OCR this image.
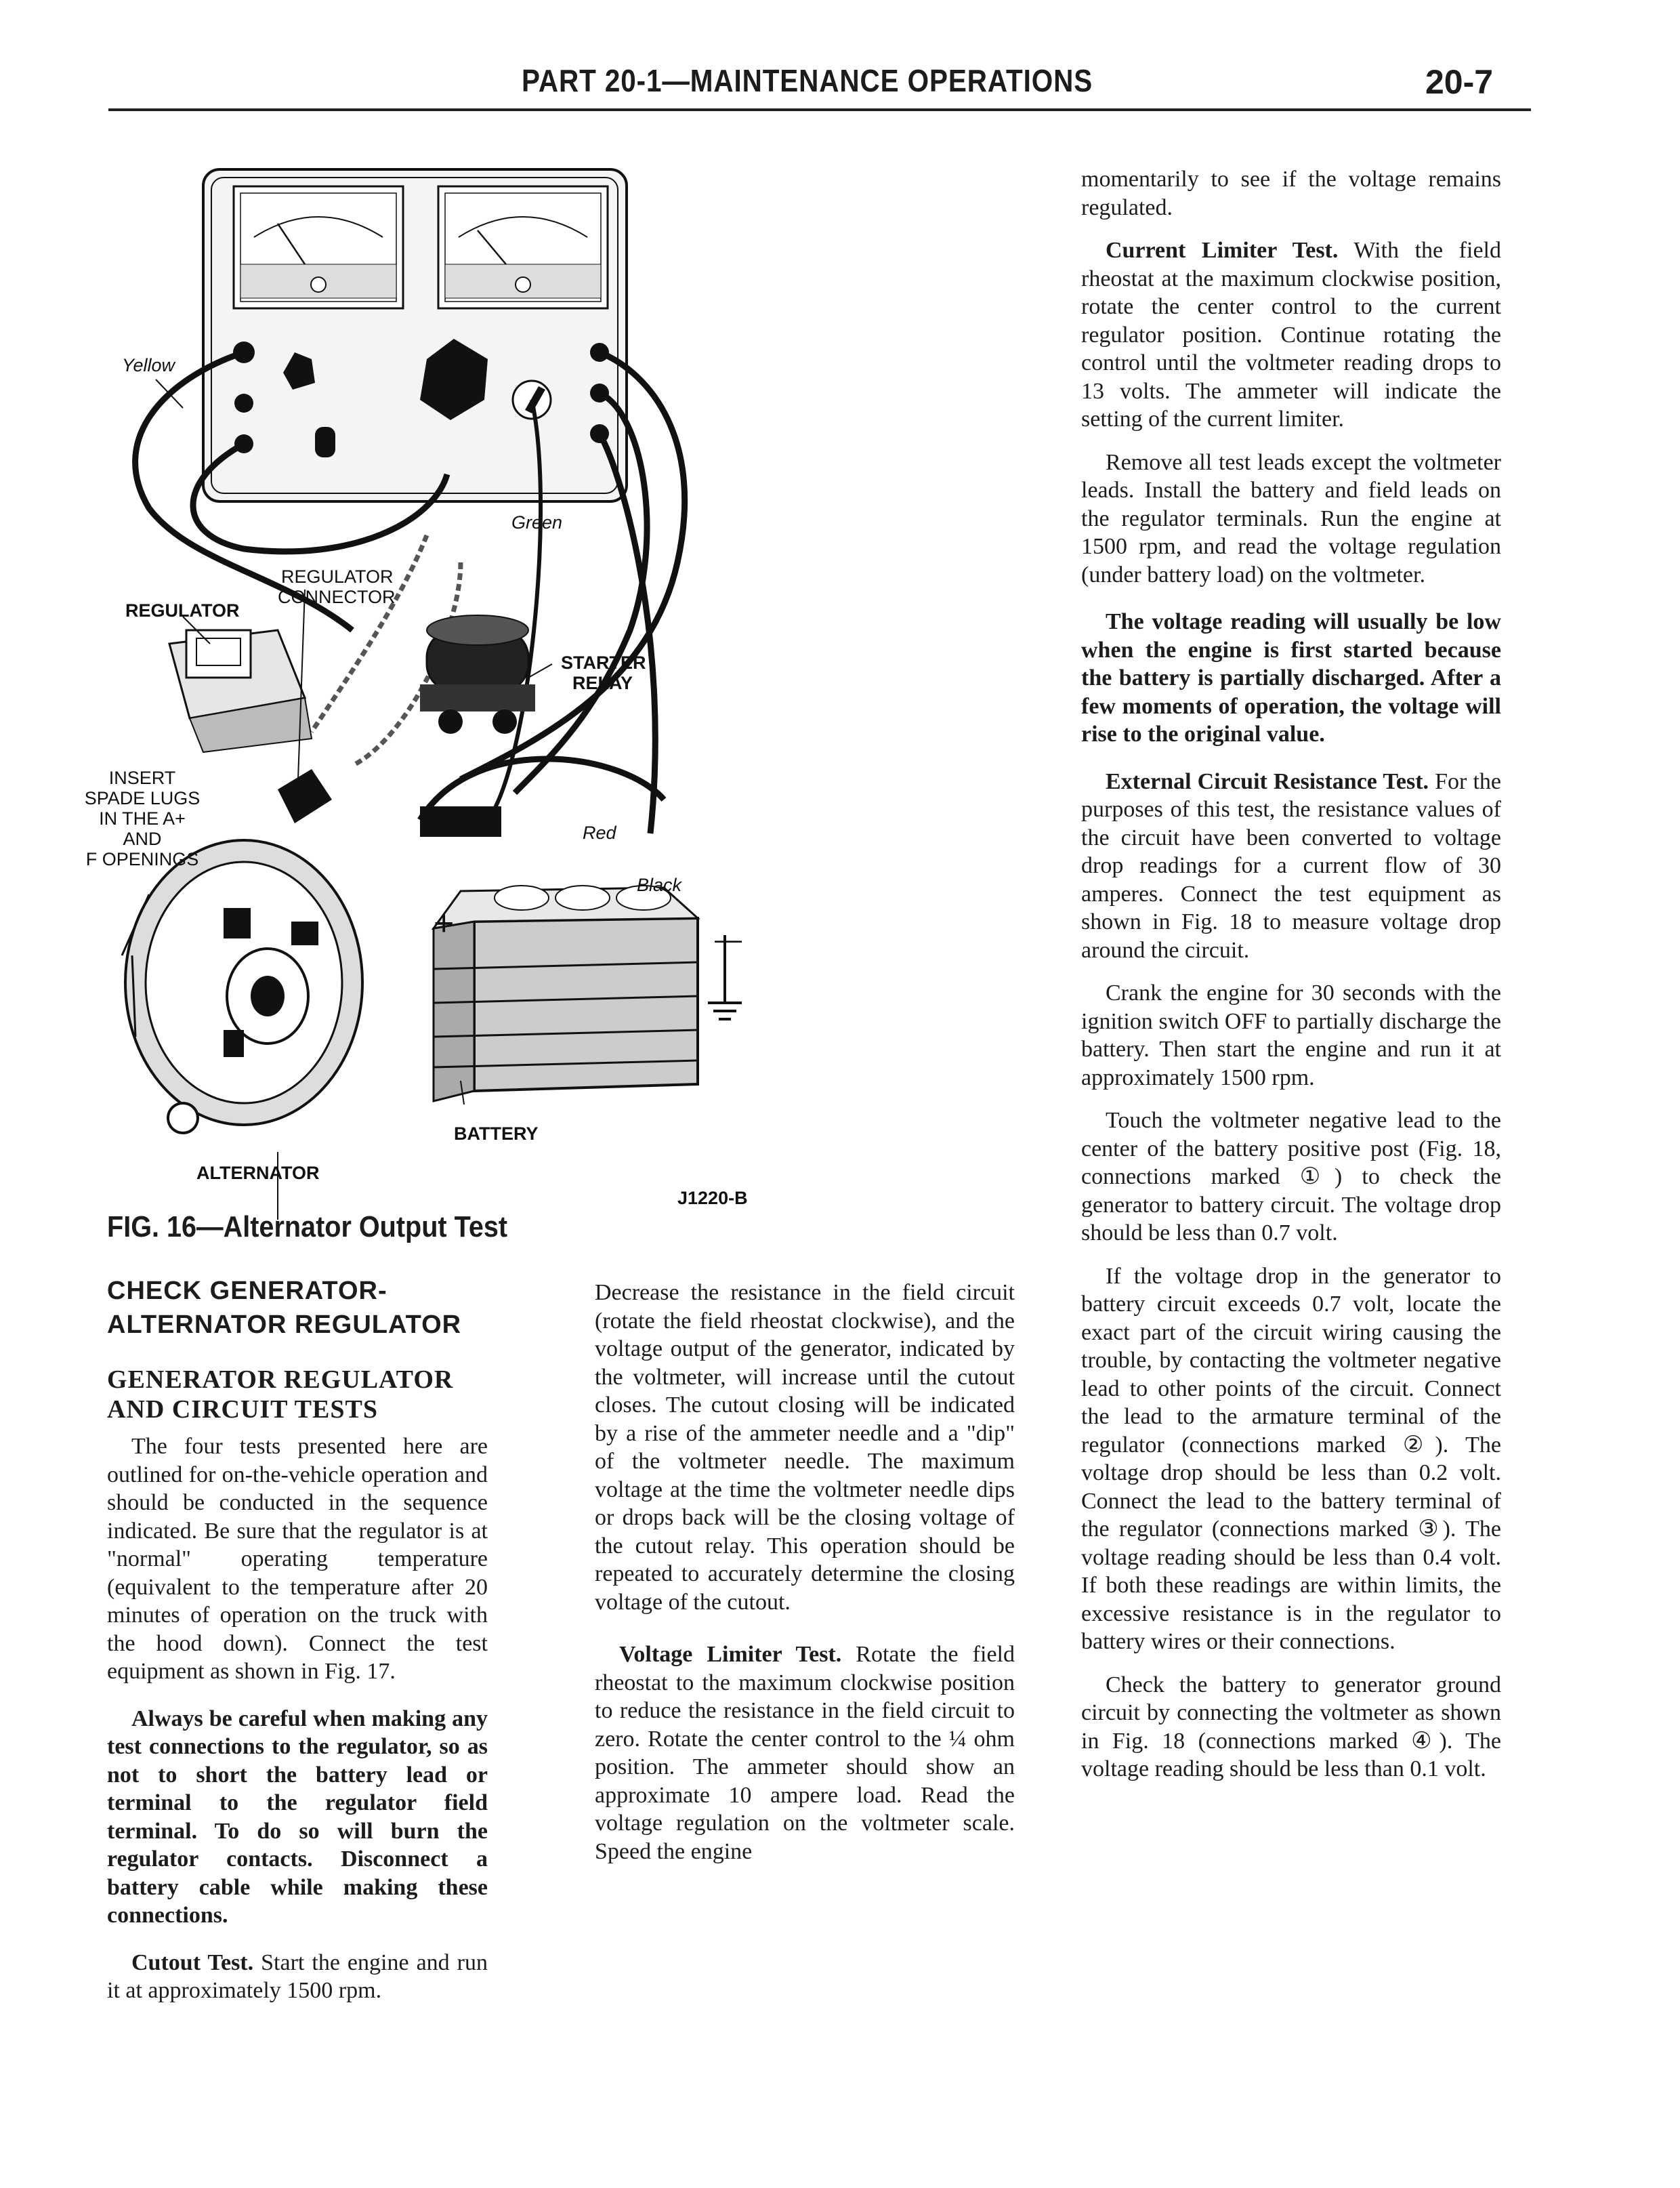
PART 20-1—MAINTENANCE OPERATIONS	20-7
Yellow
Green
Red
Black
REGULATOR
REGULATOR
CONNECTOR
STARTER
RELAY
INSERT
SPADE LUGS
IN THE A+
AND
F OPENINGS
BATTERY
ALTERNATOR
J1220-B
+	—
FIG. 16—Alternator Output Test
CHECK GENERATOR-
ALTERNATOR REGULATOR
GENERATOR REGULATOR
AND CIRCUIT TESTS

The four tests presented here are outlined for on-the-vehicle operation and should be conducted in the sequence indicated. Be sure that the regulator is at "normal" operating temperature (equivalent to the temperature after 20 minutes of operation on the truck with the hood down). Connect the test equipment as shown in Fig. 17.

Always be careful when making any test connections to the regulator, so as not to short the battery lead or terminal to the regulator field terminal. To do so will burn the regulator contacts. Disconnect a battery cable while making these connections.

Cutout Test. Start the engine and run it at approximately 1500 rpm.

Decrease the resistance in the field circuit (rotate the field rheostat clockwise), and the voltage output of the generator, indicated by the voltmeter, will increase until the cutout closes. The cutout closing will be indicated by a rise of the ammeter needle and a "dip" of the voltmeter needle. The maximum voltage at the time the voltmeter needle dips or drops back will be the closing voltage of the cutout relay. This operation should be repeated to accurately determine the closing voltage of the cutout.

Voltage Limiter Test. Rotate the field rheostat to the maximum clockwise position to reduce the resistance in the field circuit to zero. Rotate the center control to the ¼ ohm position. The ammeter should show an approximate 10 ampere load. Read the voltage regulation on the voltmeter scale. Speed the engine

momentarily to see if the voltage remains regulated.

Current Limiter Test. With the field rheostat at the maximum clockwise position, rotate the center control to the current regulator position. Continue rotating the control until the voltmeter reading drops to 13 volts. The ammeter will indicate the setting of the current limiter.

Remove all test leads except the voltmeter leads. Install the battery and field leads on the regulator terminals. Run the engine at 1500 rpm, and read the voltage regulation (under battery load) on the voltmeter.

The voltage reading will usually be low when the engine is first started because the battery is partially discharged. After a few moments of operation, the voltage will rise to the original value.

External Circuit Resistance Test. For the purposes of this test, the resistance values of the circuit have been converted to voltage drop readings for a current flow of 30 amperes. Connect the test equipment as shown in Fig. 18 to measure voltage drop around the circuit.

Crank the engine for 30 seconds with the ignition switch OFF to partially discharge the battery. Then start the engine and run it at approximately 1500 rpm.

Touch the voltmeter negative lead to the center of the battery positive post (Fig. 18, connections marked ①) to check the generator to battery circuit. The voltage drop should be less than 0.7 volt.

If the voltage drop in the generator to battery circuit exceeds 0.7 volt, locate the exact part of the circuit wiring causing the trouble, by contacting the voltmeter negative lead to other points of the circuit. Connect the lead to the armature terminal of the regulator (connections marked ②). The voltage drop should be less than 0.2 volt. Connect the lead to the battery terminal of the regulator (connections marked ③). The voltage reading should be less than 0.4 volt. If both these readings are within limits, the excessive resistance is in the regulator to battery wires or their connections.

Check the battery to generator ground circuit by connecting the voltmeter as shown in Fig. 18 (connections marked ④). The voltage reading should be less than 0.1 volt.
